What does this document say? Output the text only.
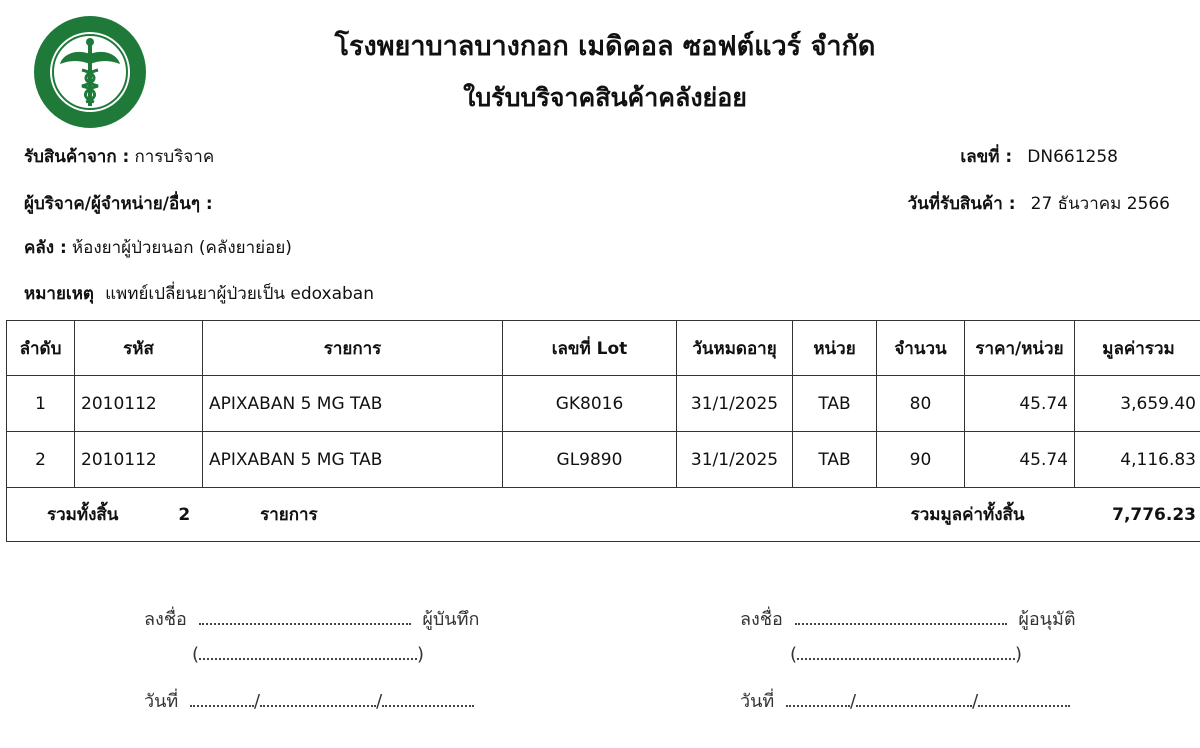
โรงพยาบาลบางกอก เมดิคอล ซอฟต์แวร์ จำกัด
ใบรับบริจาคสินค้าคลังย่อย
รับสินค้าจาก : การบริจาค	เลขที่ : DN661258
ผู้บริจาค/ผู้จำหน่าย/อื่นๆ :	วันที่รับสินค้า : 27 ธันวาคม 2566
คลัง : ห้องยาผู้ป่วยนอก (คลังยาย่อย)
หมายเหตุ แพทย์เปลี่ยนยาผู้ป่วยเป็น edoxaban
ลำดับ	รหัส	รายการ	เลขที่ Lot	วันหมดอายุ	หน่วย	จำนวน	ราคา/หน่วย	มูลค่ารวม
1	2010112	APIXABAN 5 MG TAB	GK8016	31/1/2025	TAB	80	45.74	3,659.40
2	2010112	APIXABAN 5 MG TAB	GL9890	31/1/2025	TAB	90	45.74	4,116.83
รวมทั้งสิ้น 2 รายการ						รวมมูลค่าทั้งสิ้น		7,776.23
ลงชื่อ	ผู้บันทึก
(	)
วันที่	/	/
ลงชื่อ	ผู้อนุมัติ
(	)
วันที่	/	/
